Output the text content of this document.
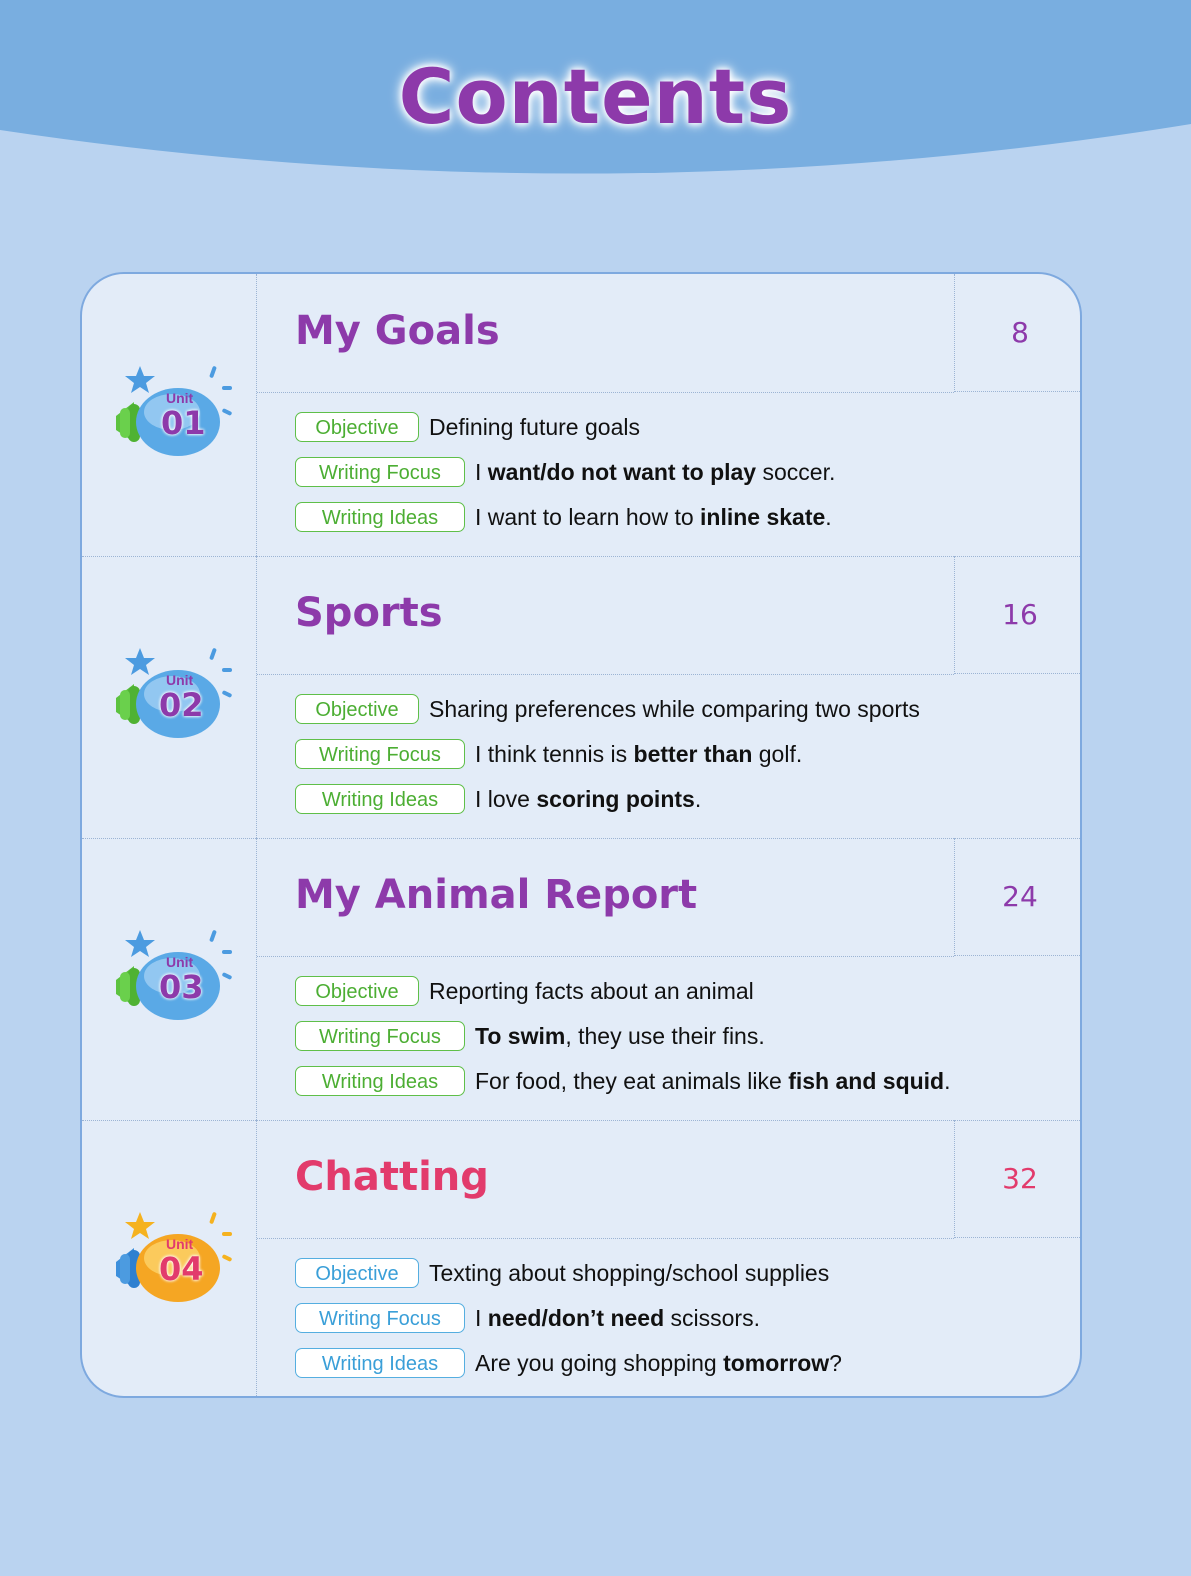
Contents
Unit
01
My Goals	8
Objective	Defining future goals
Writing Focus	I want/do not want to play soccer.
Writing Ideas	I want to learn how to inline skate.
Unit
02
Sports	16
Objective	Sharing preferences while comparing two sports
Writing Focus	I think tennis is better than golf.
Writing Ideas	I love scoring points.
Unit
03
My Animal Report	24
Objective	Reporting facts about an animal
Writing Focus	To swim, they use their fins.
Writing Ideas	For food, they eat animals like fish and squid.
Unit
04
Chatting	32
Objective	Texting about shopping/school supplies
Writing Focus	I need/don’t need scissors.
Writing Ideas	Are you going shopping tomorrow?
